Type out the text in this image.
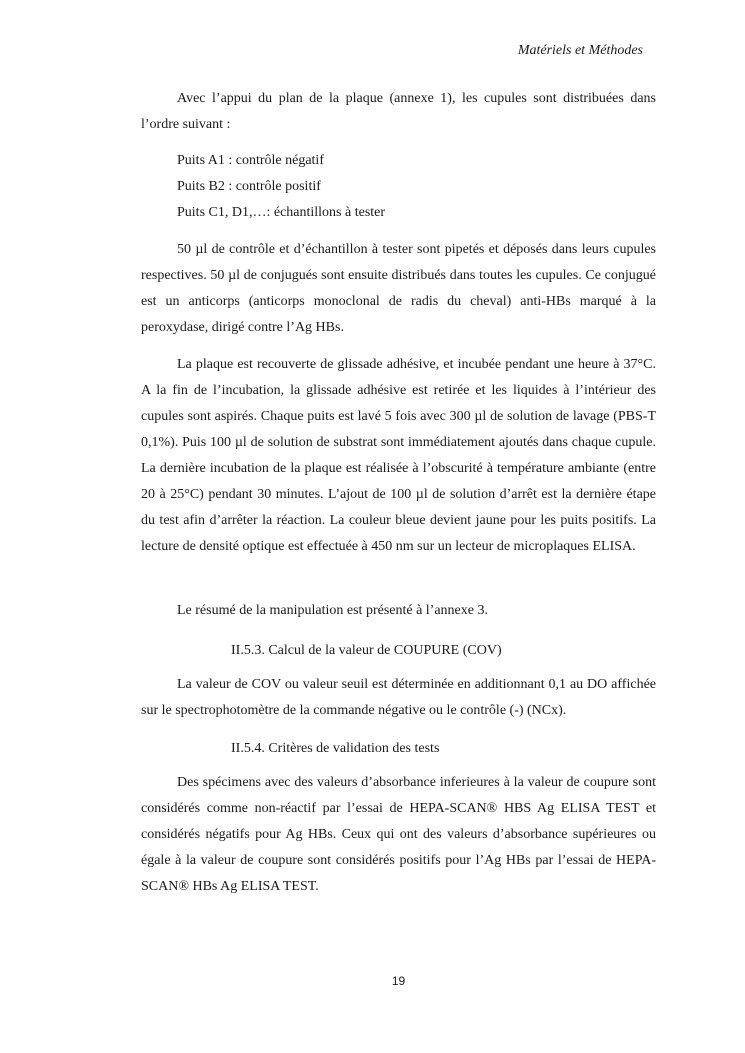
Matériels et Méthodes

Avec l’appui du plan de la plaque (annexe 1), les cupules sont distribuées dans l’ordre suivant :

Puits A1 : contrôle négatif
Puits B2 : contrôle positif
Puits C1, D1,…: échantillons à tester

50 µl de contrôle et d’échantillon à tester sont pipetés et déposés dans leurs cupules respectives. 50 µl de conjugués sont ensuite distribués dans toutes les cupules. Ce conjugué est un anticorps (anticorps monoclonal de radis du cheval) anti-HBs marqué à la peroxydase, dirigé contre l’Ag HBs.

La plaque est recouverte de glissade adhésive, et incubée pendant une heure à 37°C. A la fin de l’incubation, la glissade adhésive est retirée et les liquides à l’intérieur des cupules sont aspirés. Chaque puits est lavé 5 fois avec 300 µl de solution de lavage (PBS-T 0,1%). Puis 100 µl de solution de substrat sont immédiatement ajoutés dans chaque cupule. La dernière incubation de la plaque est réalisée à l’obscurité à température ambiante (entre 20 à 25°C) pendant 30 minutes. L’ajout de 100 µl de solution d’arrêt est la dernière étape du test afin d’arrêter la réaction. La couleur bleue devient jaune pour les puits positifs. La lecture de densité optique est effectuée à 450 nm sur un lecteur de microplaques ELISA.

Le résumé de la manipulation est présenté à l’annexe 3.

II.5.3. Calcul de la valeur de COUPURE (COV)

La valeur de COV ou valeur seuil est déterminée en additionnant 0,1 au DO affichée sur le spectrophotomètre de la commande négative ou le contrôle (-) (NCx).

II.5.4. Critères de validation des tests

Des spécimens avec des valeurs d’absorbance inferieures à la valeur de coupure sont considérés comme non-réactif par l’essai de HEPA-SCAN® HBS Ag ELISA TEST et considérés négatifs pour Ag HBs. Ceux qui ont des valeurs d’absorbance supérieures ou égale à la valeur de coupure sont considérés positifs pour l’Ag HBs par l’essai de HEPA-SCAN® HBs Ag ELISA TEST.

19
